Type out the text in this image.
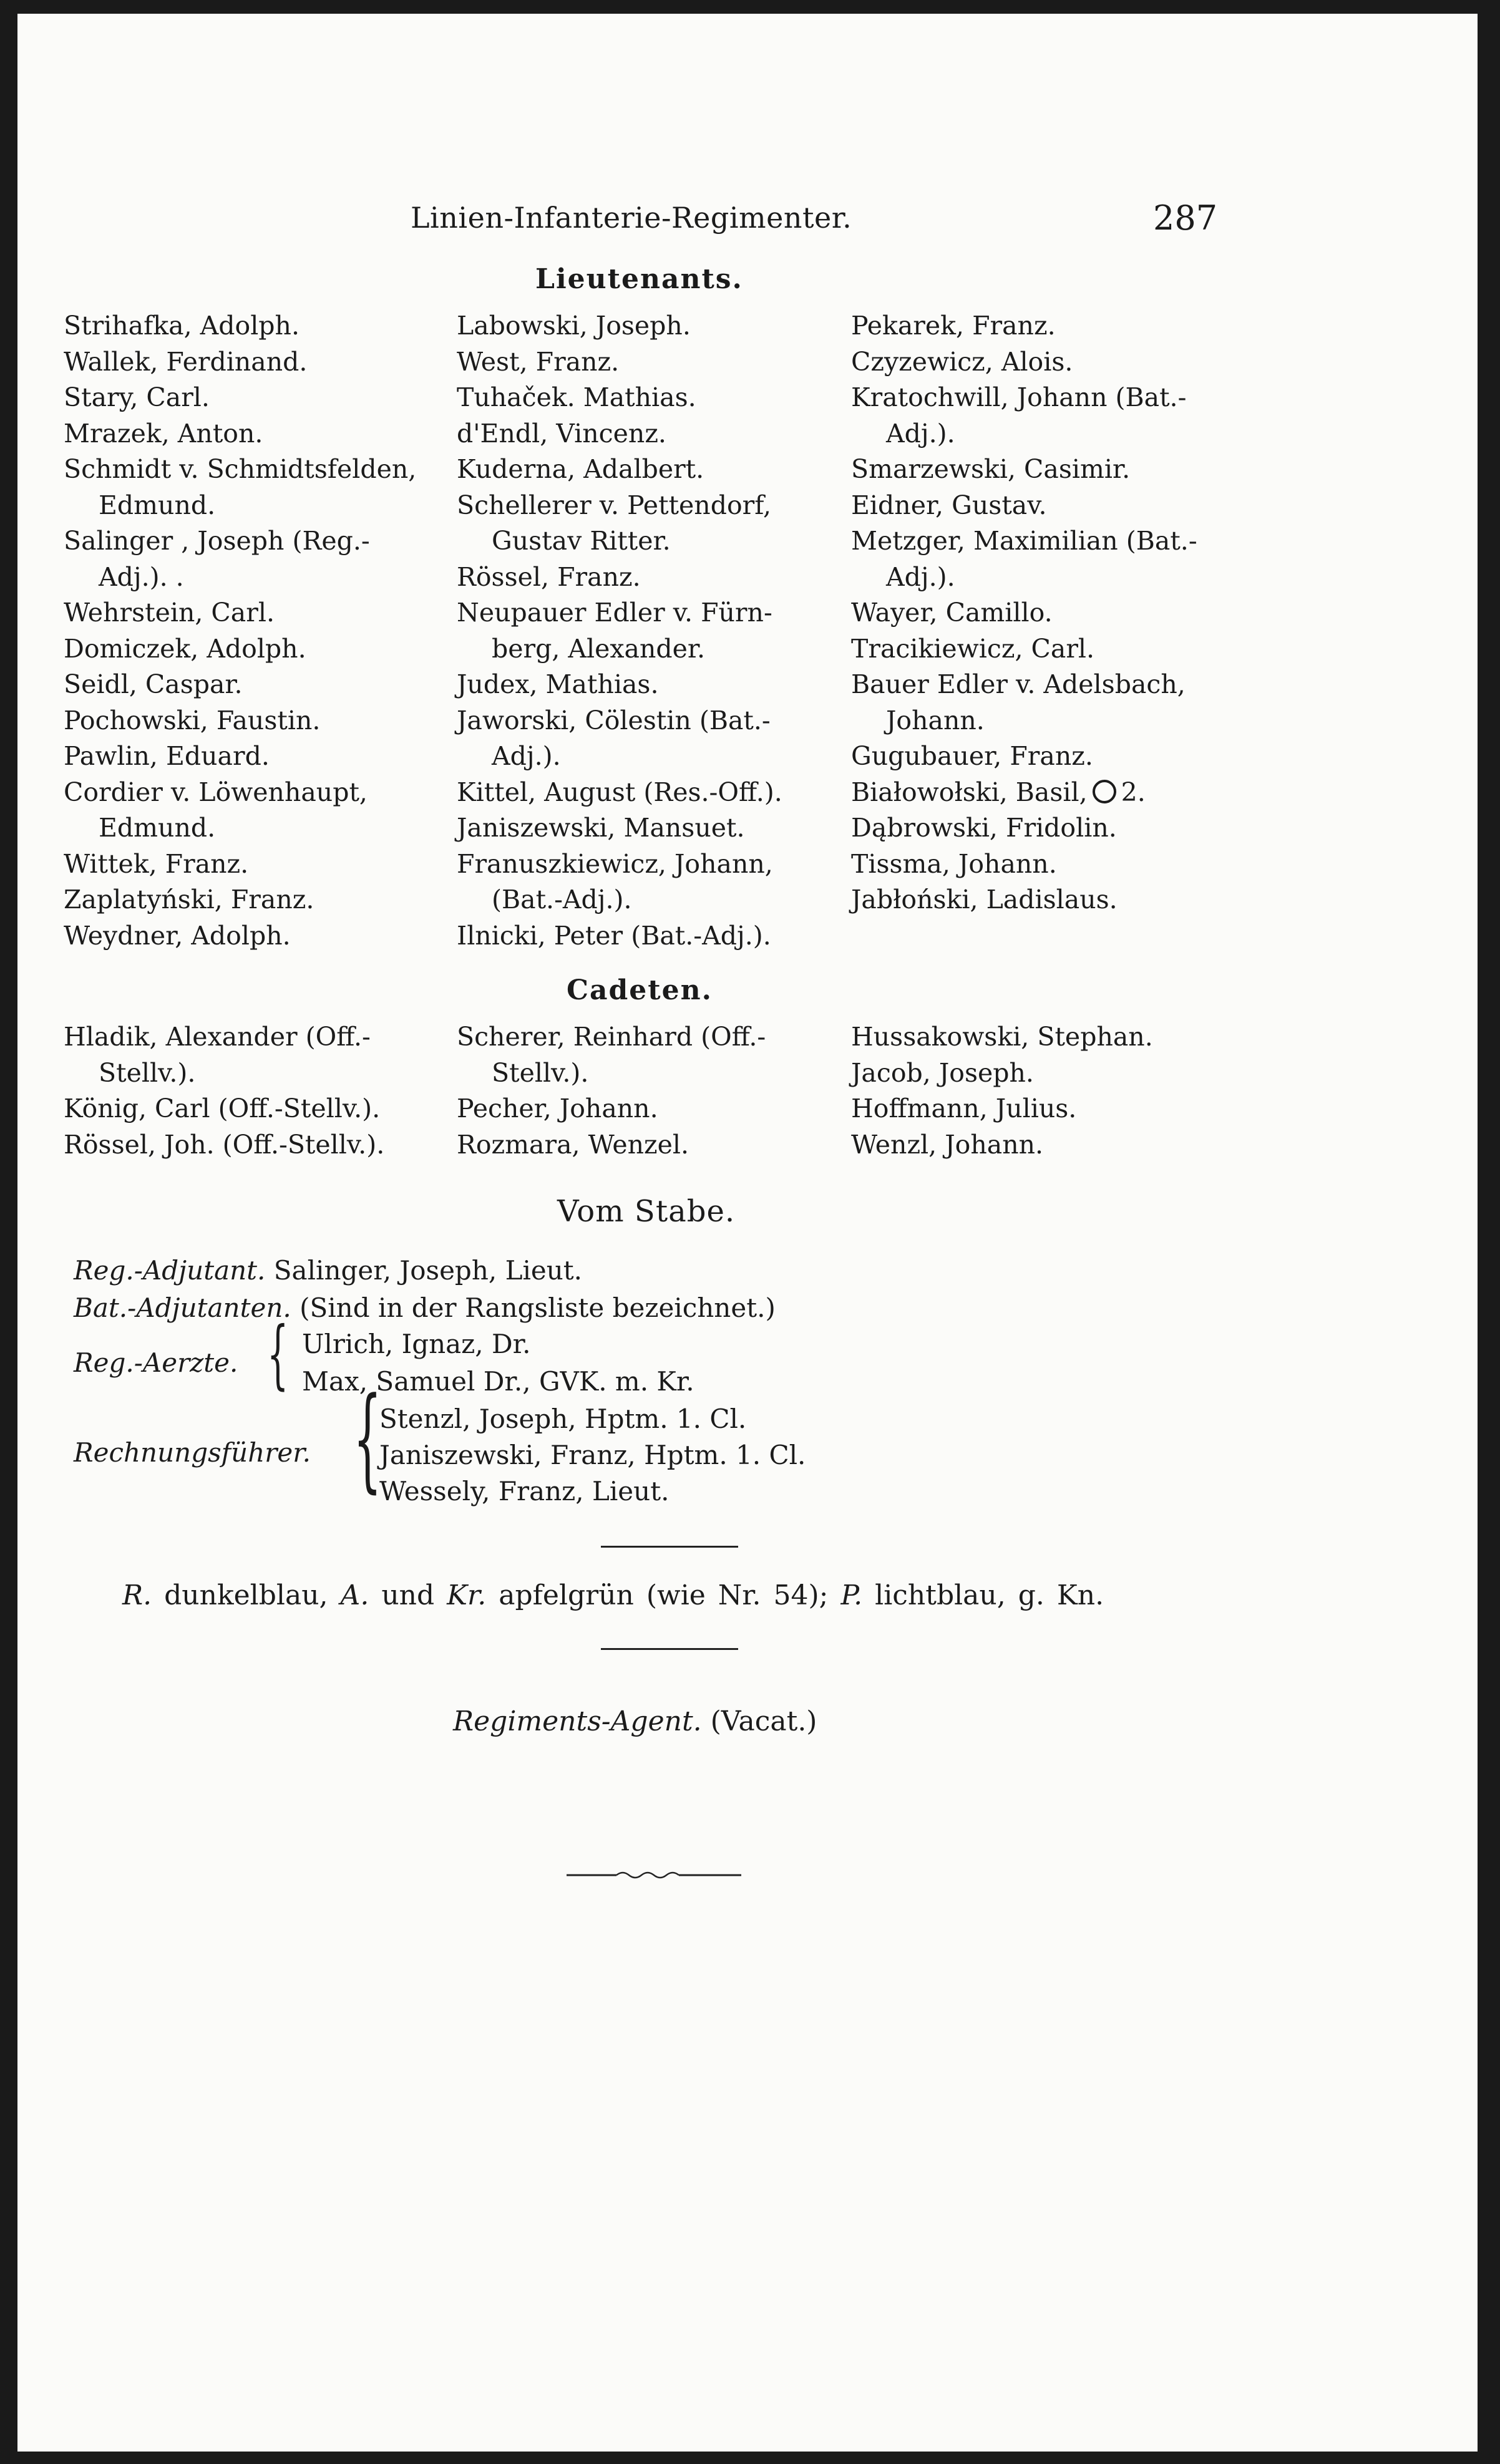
Linien-Infanterie-Regimenter.	287
Lieutenants.
Strihafka, Adolph.
Wallek, Ferdinand.
Stary, Carl.
Mrazek, Anton.
Schmidt v. Schmidtsfelden,
Edmund.
Salinger , Joseph (Reg.-
Adj.). .
Wehrstein, Carl.
Domiczek, Adolph.
Seidl, Caspar.
Pochowski, Faustin.
Pawlin, Eduard.
Cordier v. Löwenhaupt,
Edmund.
Wittek, Franz.
Zaplatyński, Franz.
Weydner, Adolph.
Labowski, Joseph.
West, Franz.
Tuhaček. Mathias.
d'Endl, Vincenz.
Kuderna, Adalbert.
Schellerer v. Pettendorf,
Gustav Ritter.
Rössel, Franz.
Neupauer Edler v. Fürn-
berg, Alexander.
Judex, Mathias.
Jaworski, Cölestin (Bat.-
Adj.).
Kittel, August (Res.-Off.).
Janiszewski, Mansuet.
Franuszkiewicz, Johann,
(Bat.-Adj.).
Ilnicki, Peter (Bat.-Adj.).
Pekarek, Franz.
Czyzewicz, Alois.
Kratochwill, Johann (Bat.-
Adj.).
Smarzewski, Casimir.
Eidner, Gustav.
Metzger, Maximilian (Bat.-
Adj.).
Wayer, Camillo.
Tracikiewicz, Carl.
Bauer Edler v. Adelsbach,
Johann.
Gugubauer, Franz.
Białowołski, Basil, 2.
Dąbrowski, Fridolin.
Tissma, Johann.
Jabłoński, Ladislaus.
Cadeten.
Hladik, Alexander (Off.-
Stellv.).
König, Carl (Off.-Stellv.).
Rössel, Joh. (Off.-Stellv.).
Scherer, Reinhard (Off.-
Stellv.).
Pecher, Johann.
Rozmara, Wenzel.
Hussakowski, Stephan.
Jacob, Joseph.
Hoffmann, Julius.
Wenzl, Johann.
Vom Stabe.
Reg.-Adjutant. Salinger, Joseph, Lieut.
Bat.-Adjutanten. (Sind in der Rangsliste bezeichnet.)
Reg.-Aerzte. { Ulrich, Ignaz, Dr.
Max, Samuel Dr., GVK. m. Kr.
Rechnungsführer. {
Stenzl, Joseph, Hptm. 1. Cl.
Janiszewski, Franz, Hptm. 1. Cl.
Wessely, Franz, Lieut.
R. dunkelblau, A. und Kr. apfelgrün (wie Nr. 54); P. lichtblau, g. Kn.
Regiments-Agent. (Vacat.)
